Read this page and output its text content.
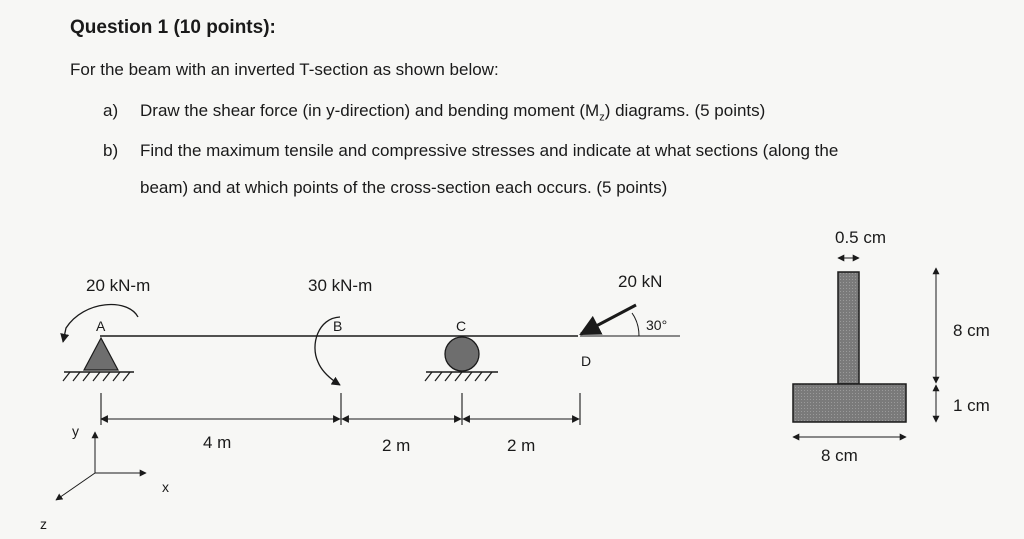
Question 1 (10 points):
For the beam with an inverted T-section as shown below:
a) Draw the shear force (in y-direction) and bending moment $(M_z)$ diagrams. (5 points)
b) Find the maximum tensile and compressive stresses and indicate at what sections (along the
beam) and at which points of the cross-section each occurs. (5 points)
20 kN-m
A
30 kN-m
B	C
D
20 kN
30°
4 m	2 m	2 m
y
x
z
0.5 cm
8 cm
1 cm
8 cm
